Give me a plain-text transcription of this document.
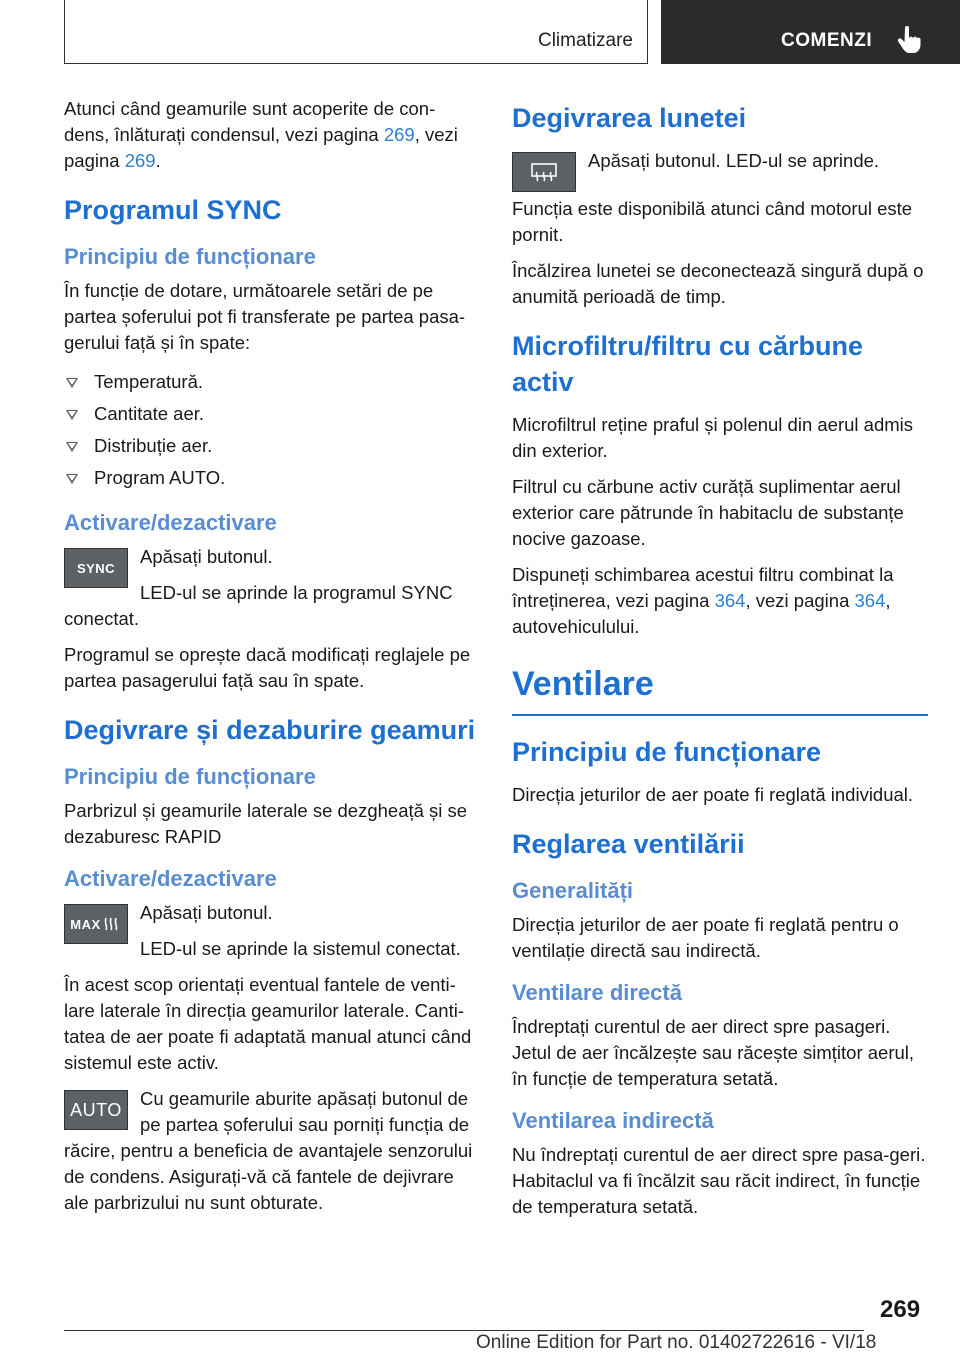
Climatizare	COMENZI

Atunci când geamurile sunt acoperite de con‐dens, înlăturați condensul, vezi pagina 269, vezi pagina 269.

Programul SYNC
Principiu de funcționare

În funcție de dotare, următoarele setări de pe partea șoferului pot fi transferate pe partea pasa‐gerului față și în spate:

Temperatură.
Cantitate aer.
Distribuție aer.
Program AUTO.
Activare/dezactivare
SYNC

Apăsați butonul.

LED-ul se aprinde la programul SYNC conectat.

Programul se oprește dacă modificați reglajele pe partea pasagerului față sau în spate.

Degivrare și dezaburire geamuri
Principiu de funcționare

Parbrizul și geamurile laterale se dezgheață și se dezaburesc RAPID

Activare/dezactivare
MAX

Apăsați butonul.

LED-ul se aprinde la sistemul conectat.

În acest scop orientați eventual fantele de venti‐lare laterale în direcția geamurilor laterale. Canti‐tatea de aer poate fi adaptată manual atunci când sistemul este activ.

AUTO

Cu geamurile aburite apăsați butonul de pe partea șoferului sau porniți funcția de răcire, pentru a beneficia de avantajele senzorului de condens. Asigurați-vă că fantele de dejivrare ale parbrizului nu sunt obturate.

Degivrarea lunetei

Apăsați butonul. LED-ul se aprinde.

Funcția este disponibilă atunci când motorul este pornit.

Încălzirea lunetei se deconectează singură după o anumită perioadă de timp.

Microfiltru/filtru cu cărbune activ

Microfiltrul reține praful și polenul din aerul admis din exterior.

Filtrul cu cărbune activ curăță suplimentar aerul exterior care pătrunde în habitaclu de substanțe nocive gazoase.

Dispuneți schimbarea acestui filtru combinat la întreținerea, vezi pagina 364, vezi pagina 364, autovehiculului.

Ventilare
Principiu de funcționare

Direcția jeturilor de aer poate fi reglată individual.

Reglarea ventilării
Generalități

Direcția jeturilor de aer poate fi reglată pentru o ventilație directă sau indirectă.

Ventilare directă

Îndreptați curentul de aer direct spre pasageri. Jetul de aer încălzește sau răcește simțitor aerul, în funcție de temperatura setată.

Ventilarea indirectă

Nu îndreptați curentul de aer direct spre pasa‐geri. Habitaclul va fi încălzit sau răcit indirect, în funcție de temperatura setată.

269
Online Edition for Part no. 01402722616 - VI/18
